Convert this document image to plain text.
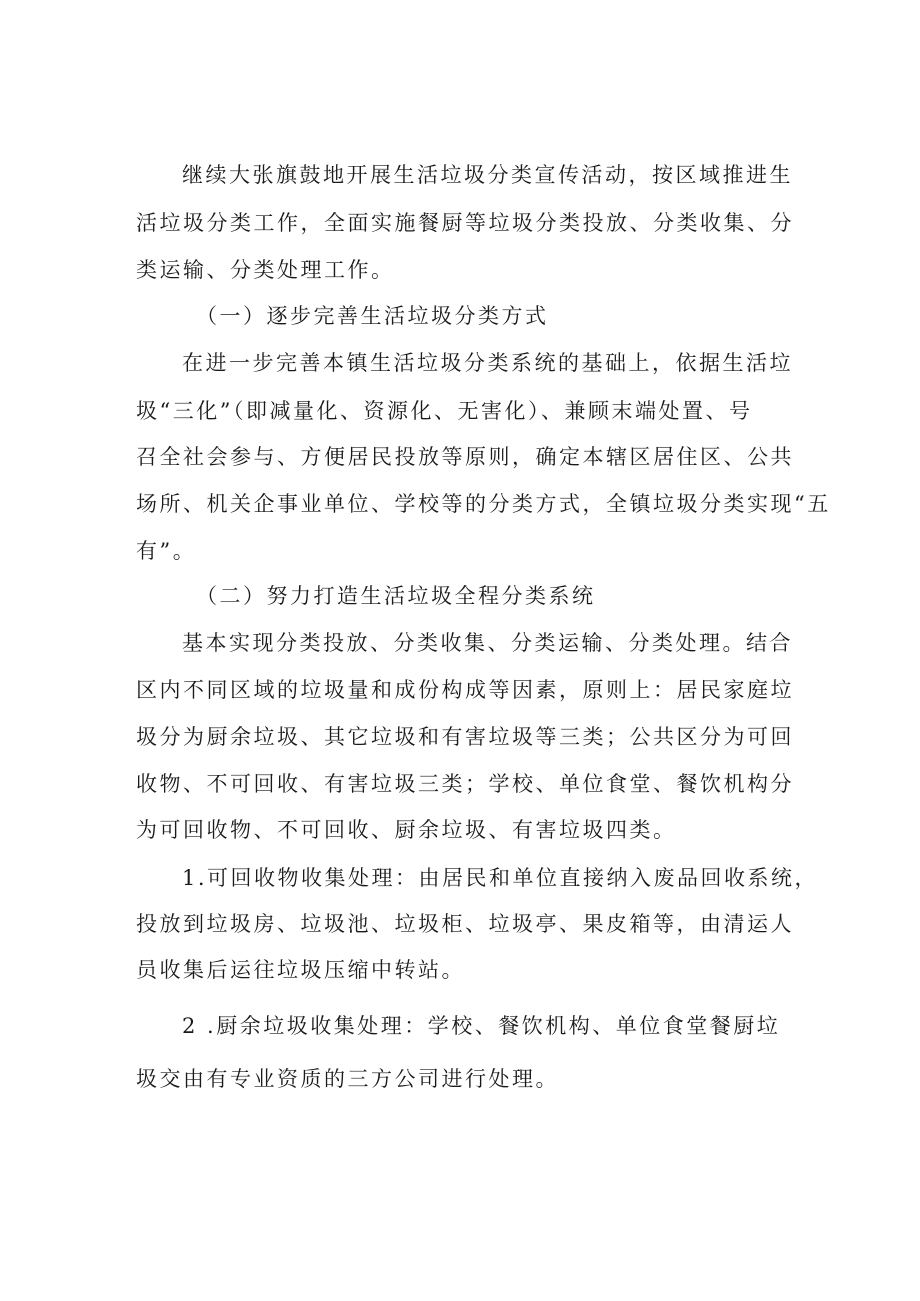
继续大张旗鼓地开展生活垃圾分类宣传活动，按区域推进生
活垃圾分类工作，全面实施餐厨等垃圾分类投放、分类收集、分
类运输、分类处理工作。
（一）逐步完善生活垃圾分类方式
在进一步完善本镇生活垃圾分类系统的基础上，依据生活垃
圾“三化”（即减量化、资源化、无害化）、兼顾末端处置、号
召全社会参与、方便居民投放等原则，确定本辖区居住区、公共
场所、机关企事业单位、学校等的分类方式，全镇垃圾分类实现“五
有”。
（二）努力打造生活垃圾全程分类系统
基本实现分类投放、分类收集、分类运输、分类处理。结合
区内不同区域的垃圾量和成份构成等因素，原则上：居民家庭垃
圾分为厨余垃圾、其它垃圾和有害垃圾等三类；公共区分为可回
收物、不可回收、有害垃圾三类；学校、单位食堂、餐饮机构分
为可回收物、不可回收、厨余垃圾、有害垃圾四类。
1.可回收物收集处理：由居民和单位直接纳入废品回收系统，
投放到垃圾房、垃圾池、垃圾柜、垃圾亭、果皮箱等，由清运人
员收集后运往垃圾压缩中转站。
2 .厨余垃圾收集处理：学校、餐饮机构、单位食堂餐厨垃
圾交由有专业资质的三方公司进行处理。
